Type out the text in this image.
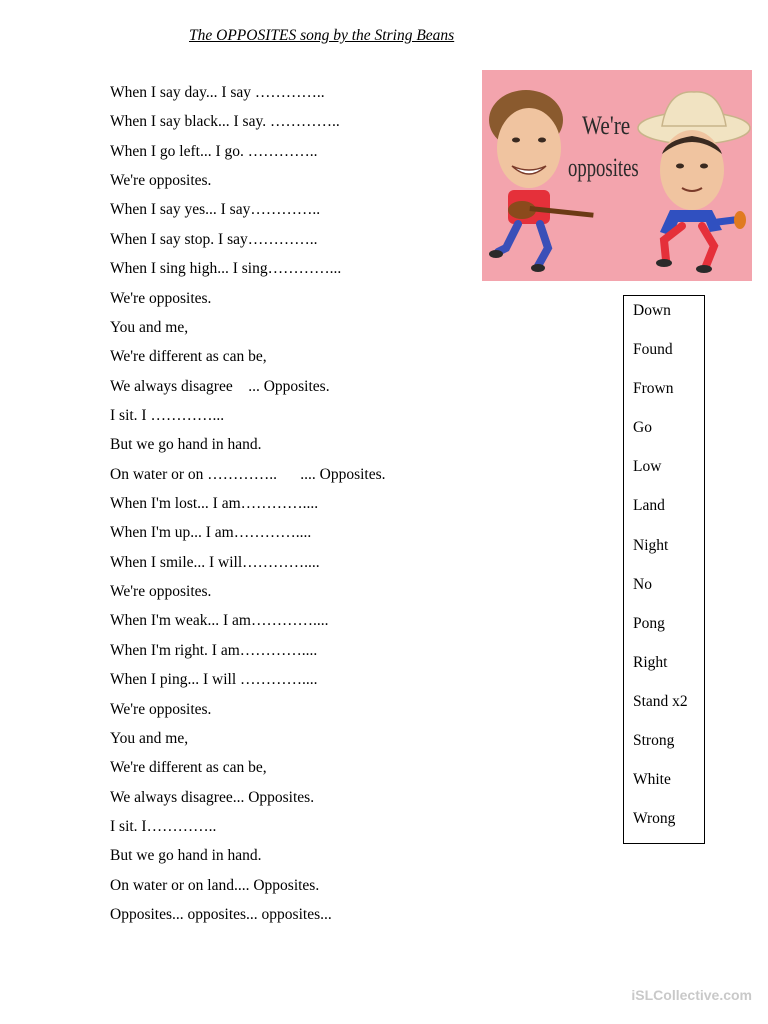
The OPPOSITES song by the String Beans
When I say day... I say …………..
When I say black... I say. …………..
When I go left... I go. …………..
We're opposites.
When I say yes... I say…………..
When I say stop. I say…………..
When I sing high... I sing…………...
We're opposites.
You and me,
We're different as can be,
We always disagree    ... Opposites.
I sit. I …………...
But we go hand in hand.
On water or on …………..      .... Opposites.
When I'm lost... I am…………....
When I'm up... I am…………....
When I smile... I will…………....
We're opposites.
When I'm weak... I am…………....
When I'm right. I am…………....
When I ping... I will …………....
We're opposites.
You and me,
We're different as can be,
We always disagree... Opposites.
I sit. I…………..
But we go hand in hand.
On water or on land.... Opposites.
Opposites... opposites... opposites...
We're
opposites
Down
Found
Frown
Go
Low
Land
Night
No
Pong
Right
Stand x2
Strong
White
Wrong
iSLCollective.com
